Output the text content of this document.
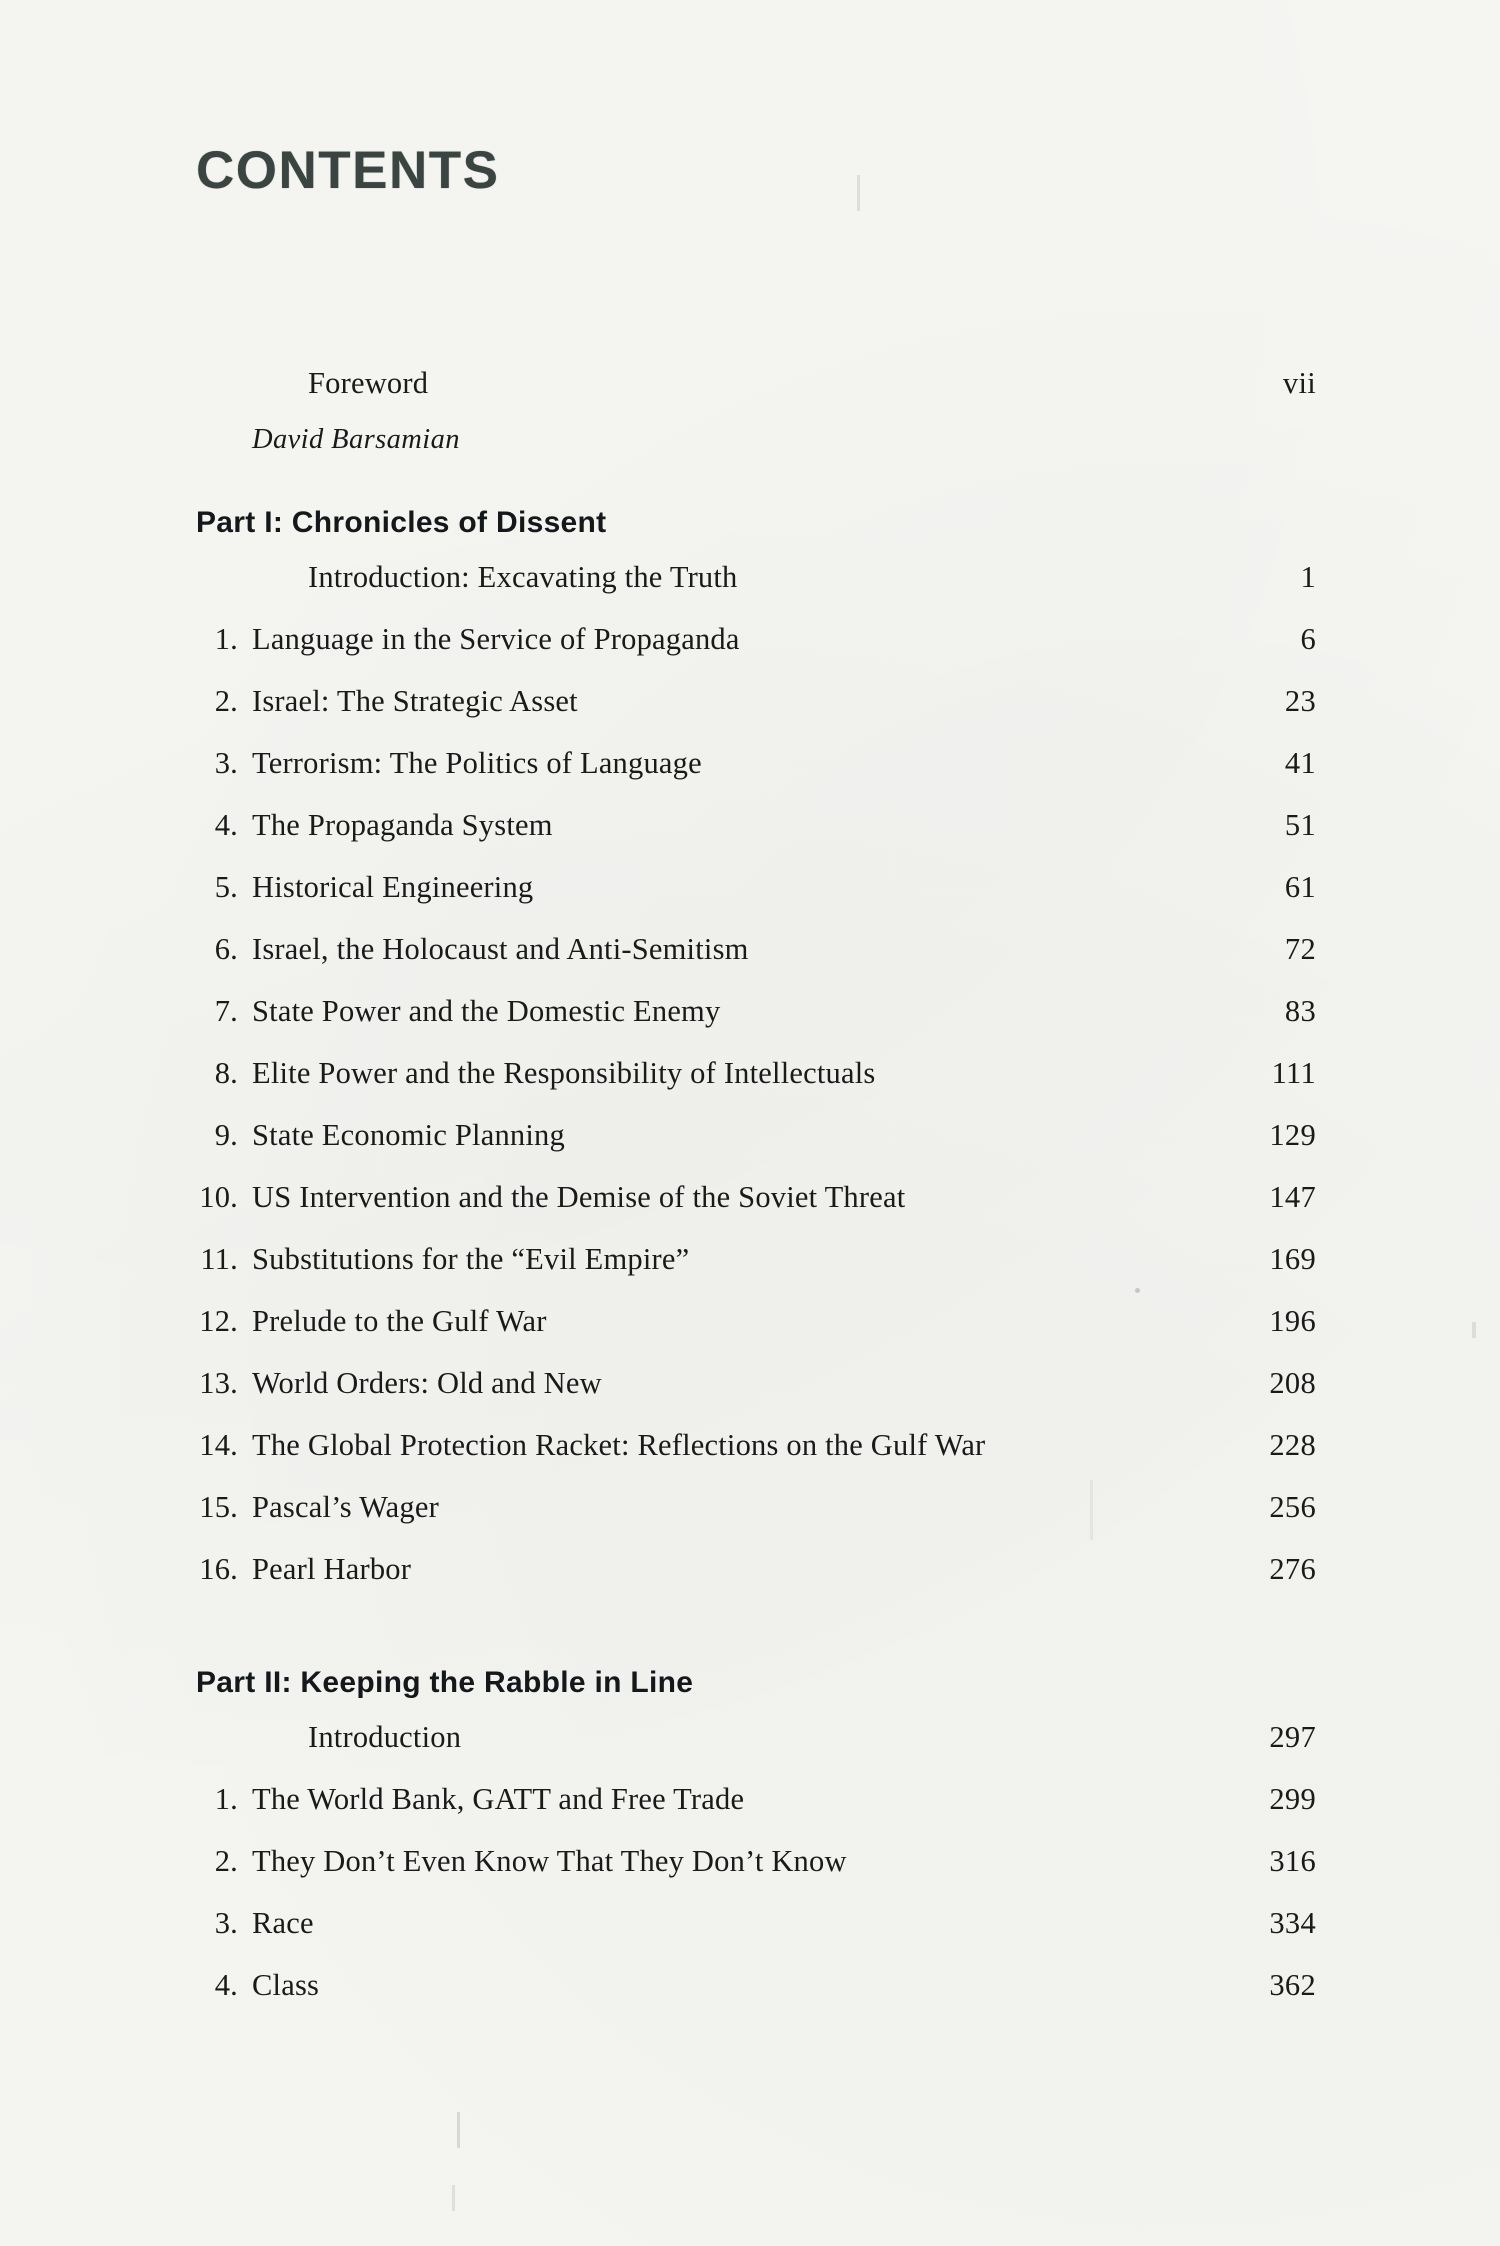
CONTENTS
Foreword	vii
David Barsamian
Part I: Chronicles of Dissent
Introduction: Excavating the Truth	1
1. Language in the Service of Propaganda	6
2. Israel: The Strategic Asset	23
3. Terrorism: The Politics of Language	41
4. The Propaganda System	51
5. Historical Engineering	61
6. Israel, the Holocaust and Anti-Semitism	72
7. State Power and the Domestic Enemy	83
8. Elite Power and the Responsibility of Intellectuals	111
9. State Economic Planning	129
10. US Intervention and the Demise of the Soviet Threat	147
11. Substitutions for the “Evil Empire”	169
12. Prelude to the Gulf War	196
13. World Orders: Old and New	208
14. The Global Protection Racket: Reflections on the Gulf War	228
15. Pascal’s Wager	256
16. Pearl Harbor	276
Part II: Keeping the Rabble in Line
Introduction	297
1. The World Bank, GATT and Free Trade	299
2. They Don’t Even Know That They Don’t Know	316
3. Race	334
4. Class	362
